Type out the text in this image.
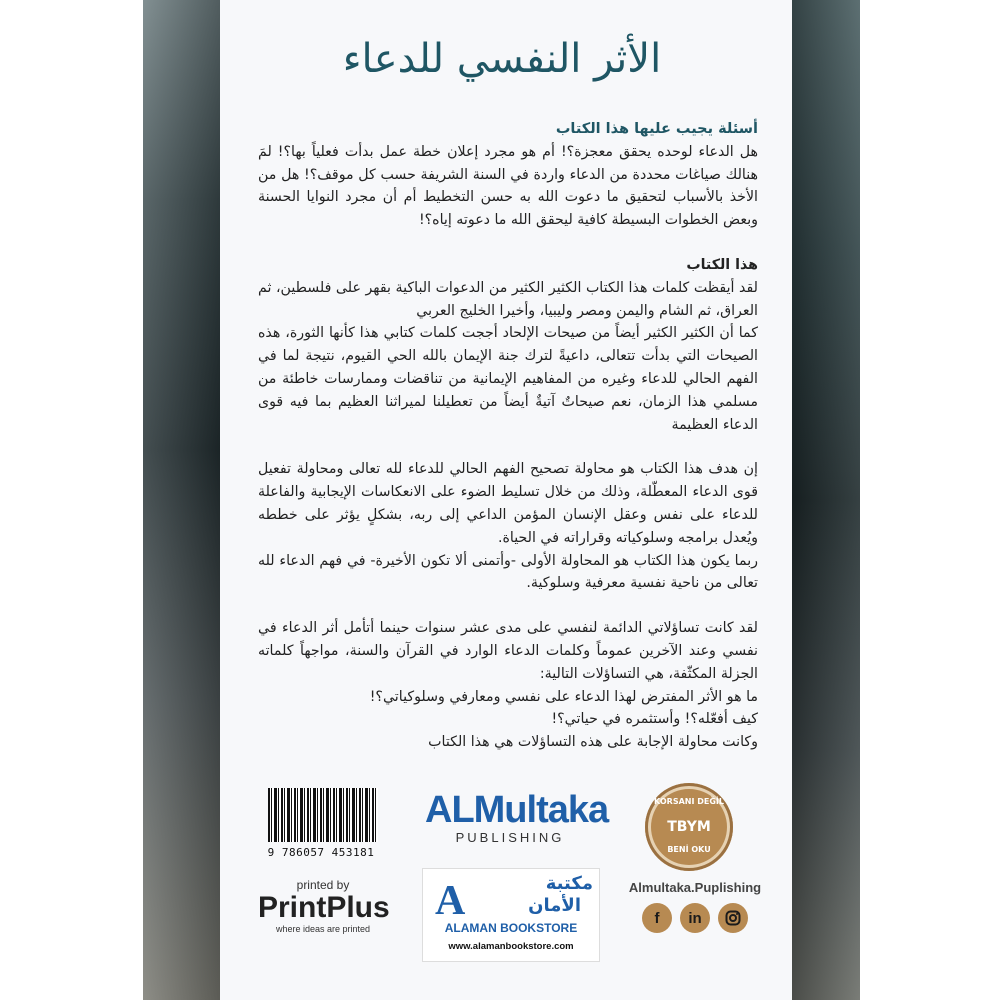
الأثر النفسي للدعاء

أسئلة يجيب عليها هذا الكتاب

هل الدعاء لوحده يحقق معجزة؟! أم هو مجرد إعلان خطة عمل بدأت فعلياً بها؟! لمَ هنالك صياغات محددة من الدعاء واردة في السنة الشريفة حسب كل موقف؟! هل من الأخذ بالأسباب لتحقيق ما دعوت الله به حسن التخطيط أم أن مجرد النوايا الحسنة وبعض الخطوات البسيطة كافية ليحقق الله ما دعوته إياه؟!

هذا الكتاب

لقد أيقظت كلمات هذا الكتاب الكثير الكثير من الدعوات الباكية بقهر على فلسطين، ثم العراق، ثم الشام واليمن ومصر وليبيا، وأخيرا الخليج العربي

كما أن الكثير الكثير أيضاً من صيحات الإلحاد أججت كلمات كتابي هذا كأنها الثورة، هذه الصيحات التي بدأت تتعالى، داعيةً لترك جنة الإيمان بالله الحي القيوم، نتيجة لما في الفهم الحالي للدعاء وغيره من المفاهيم الإيمانية من تناقضات وممارسات خاطئة من مسلمي هذا الزمان، نعم صيحاتٌ آتيةٌ أيضاً من تعطيلنا لميراثنا العظيم بما فيه قوى الدعاء العظيمة

إن هدف هذا الكتاب هو محاولة تصحيح الفهم الحالي للدعاء لله تعالى ومحاولة تفعيل قوى الدعاء المعطّلة، وذلك من خلال تسليط الضوء على الانعكاسات الإيجابية والفاعلة للدعاء على نفس وعقل الإنسان المؤمن الداعي إلى ربه، بشكلٍ يؤثر على خططه ويُعدل برامجه وسلوكياته وقراراته في الحياة.

ربما يكون هذا الكتاب هو المحاولة الأولى -وأتمنى ألا تكون الأخيرة- في فهم الدعاء لله تعالى من ناحية نفسية معرفية وسلوكية.

لقد كانت تساؤلاتي الدائمة لنفسي على مدى عشر سنوات حينما أتأمل أثر الدعاء في نفسي وعند الآخرين عموماً وكلمات الدعاء الوارد في القرآن والسنة، مواجهاً كلماته الجزلة المكثّفة، هي التساؤلات التالية:

ما هو الأثر المفترض لهذا الدعاء على نفسي ومعارفي وسلوكياتي؟!

كيف أفعّله؟! وأستثمره في حياتي؟!

وكانت محاولة الإجابة على هذه التساؤلات هي هذا الكتاب

9 786057 453181
ALMultaka
PUBLISHING
KORSANI DEĞİL
TBYM
BENİ OKU
printed by
PrintPlus
where ideas are printed
A	مكتبة
الأمان
ALAMAN BOOKSTORE
www.alamanbookstore.com
Almultaka.Puplishing
f	in
